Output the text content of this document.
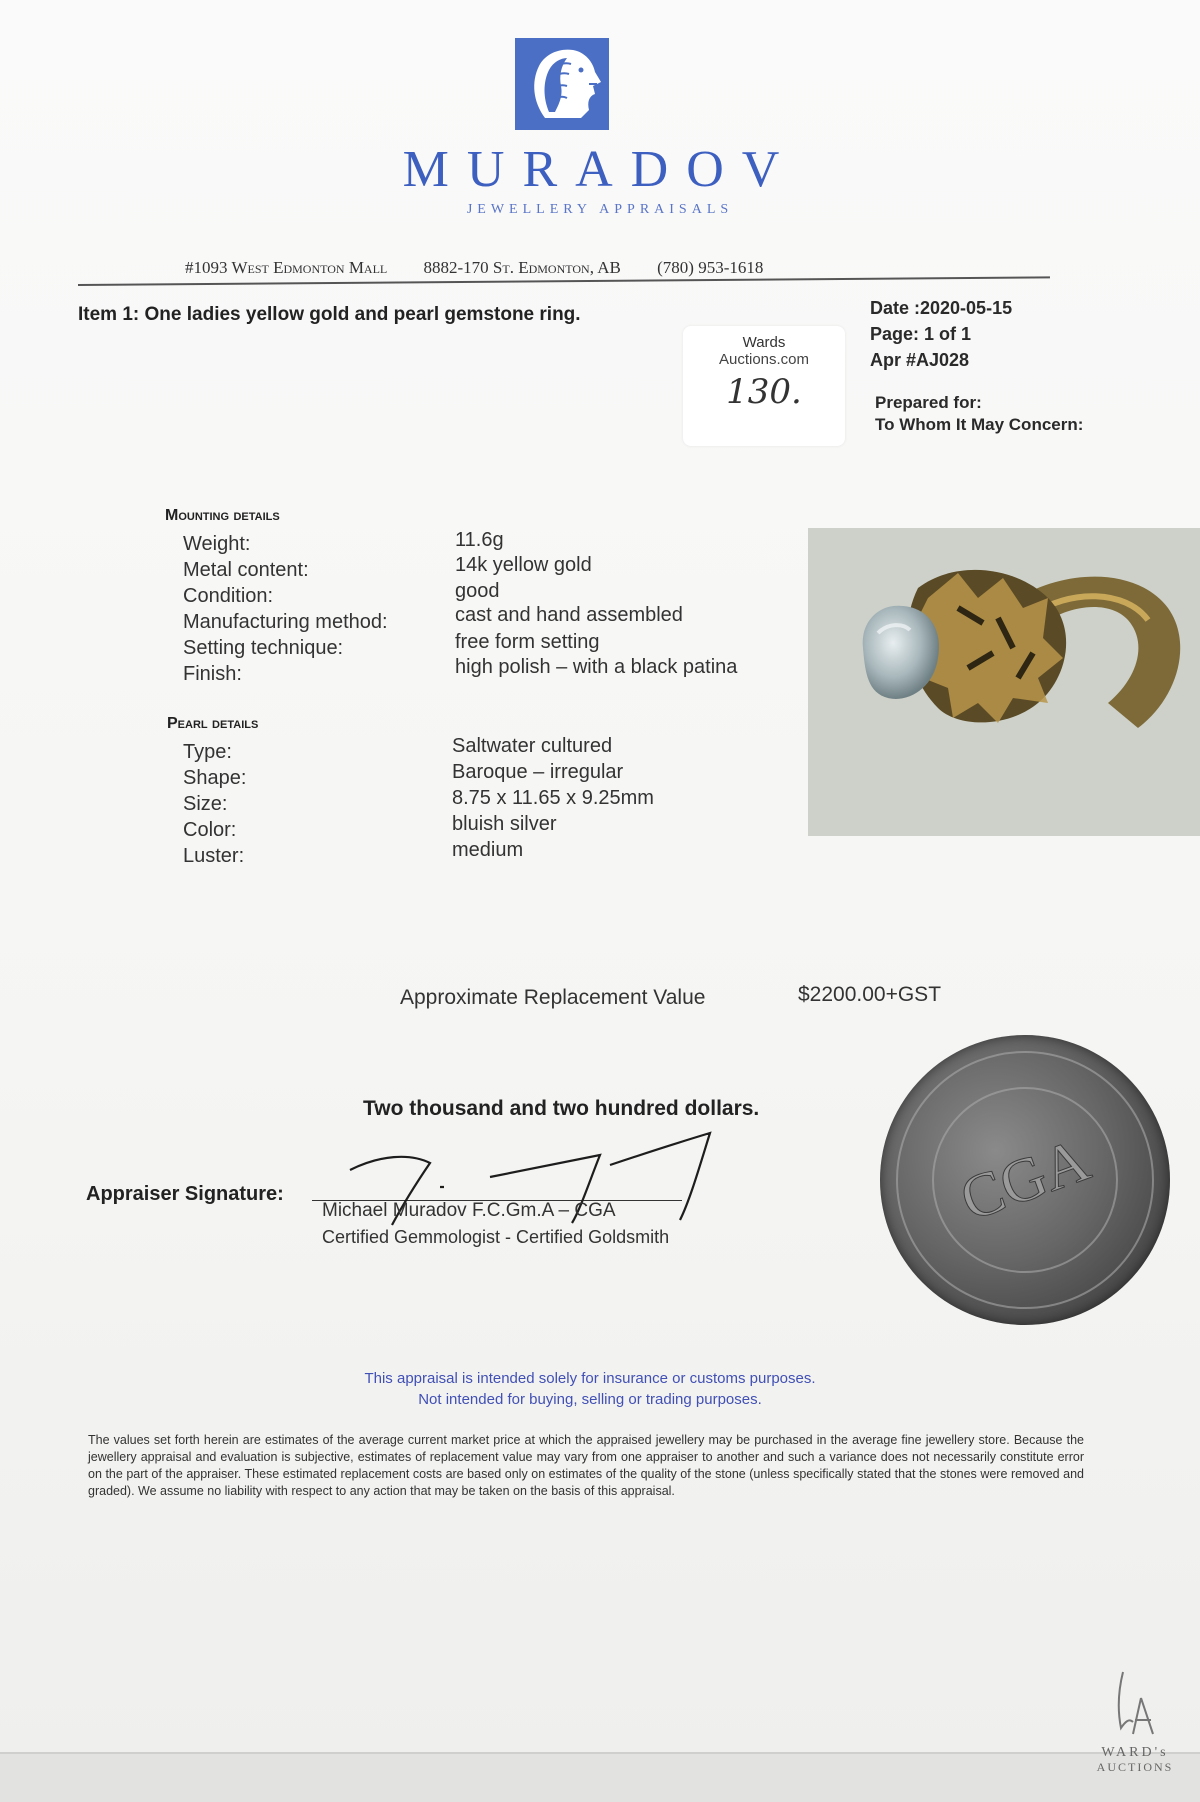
MURADOV
JEWELLERY APPRAISALS
#1093 West Edmonton Mall 8882-170 St. Edmonton, AB (780) 953-1618
Item 1: One ladies yellow gold and pearl gemstone ring.	Date :2020-05-15
Page: 1 of 1
Apr #AJ028
Prepared for:
To Whom It May Concern:
Wards
Auctions.com
130.
Mounting details
Weight:	11.6g
Metal content:	14k yellow gold
Condition:	good
Manufacturing method:	cast and hand assembled
Setting technique:	free form setting
Finish:	high polish – with a black patina
Pearl details
Type:	Saltwater cultured
Shape:	Baroque – irregular
Size:	8.75 x 11.65 x 9.25mm
Color:	bluish silver
Luster:	medium
Approximate Replacement Value	$2200.00+GST
Two thousand and two hundred dollars.
Appraiser Signature:
Michael Muradov F.C.Gm.A – CGA
Certified Gemmologist - Certified Goldsmith
CGA
This appraisal is intended solely for insurance or customs purposes.
Not intended for buying, selling or trading purposes.
The values set forth herein are estimates of the average current market price at which the appraised jewellery may be purchased in the average fine jewellery store. Because the jewellery appraisal and evaluation is subjective, estimates of replacement value may vary from one appraiser to another and such a variance does not necessarily constitute error on the part of the appraiser. These estimated replacement costs are based only on estimates of the quality of the stone (unless specifically stated that the stones were removed and graded). We assume no liability with respect to any action that may be taken on the basis of this appraisal.
WARD's
AUCTIONS
